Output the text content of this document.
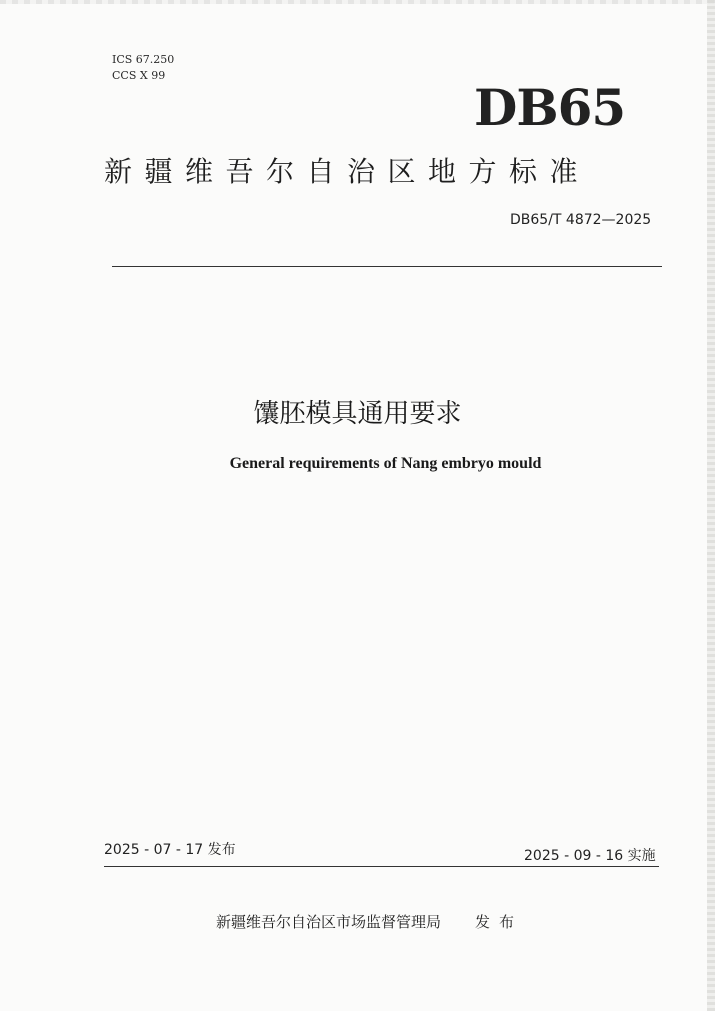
ICS 67.250
CCS X 99
DB65
新疆维吾尔自治区地方标准
DB65/T 4872—2025
馕胚模具通用要求
General requirements of Nang embryo mould
2025 - 07 - 17 发布	2025 - 09 - 16 实施
新疆维吾尔自治区市场监督管理局 发布
